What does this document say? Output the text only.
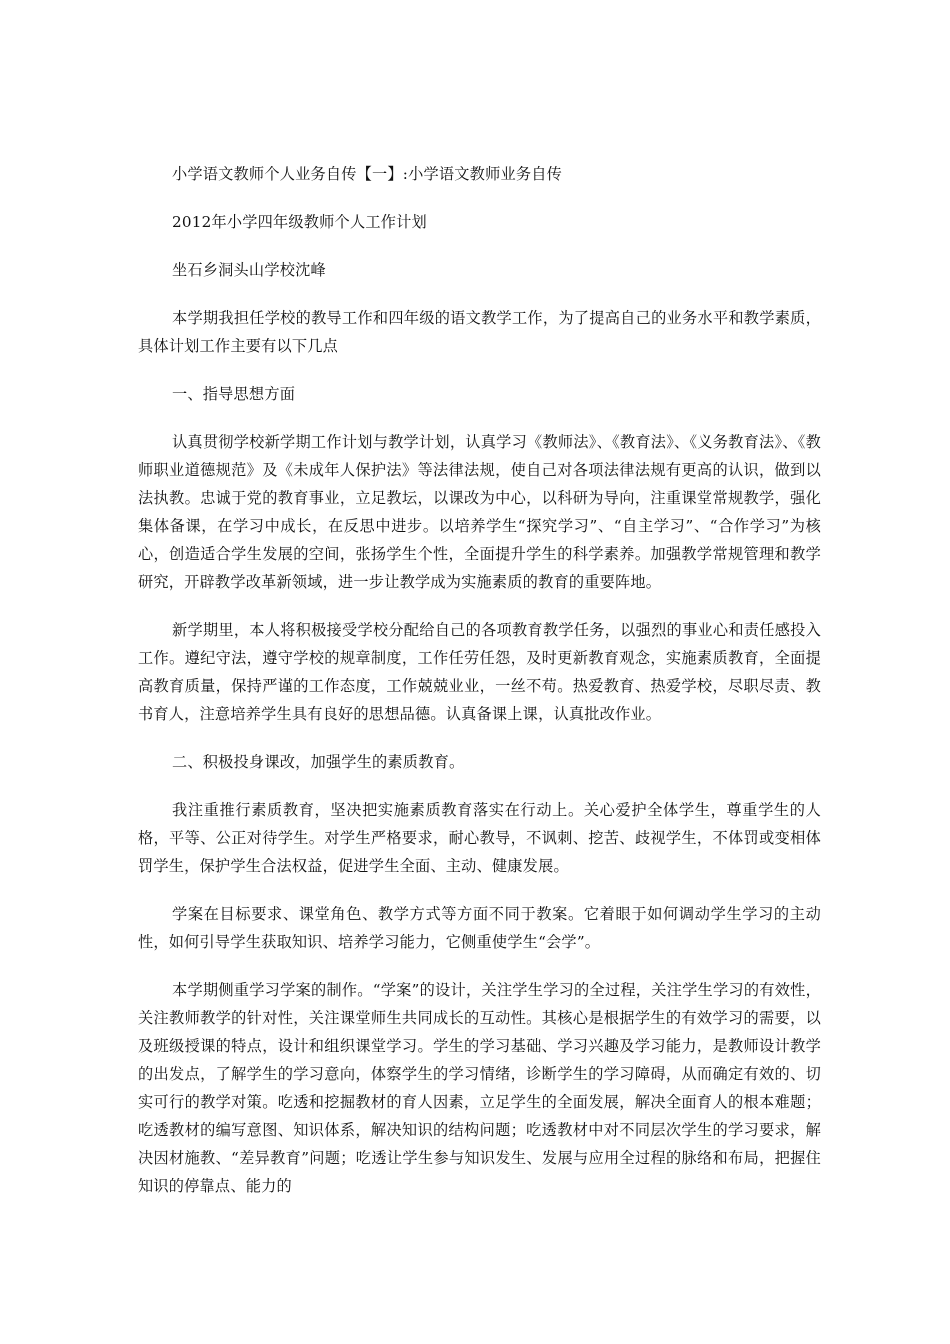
小学语文教师个人业务自传【一】:小学语文教师业务自传

2012年小学四年级教师个人工作计划

坐石乡洞头山学校沈峰

本学期我担任学校的教导工作和四年级的语文教学工作，为了提高自己的业务水平和教学素质，具体计划工作主要有以下几点

一、指导思想方面

认真贯彻学校新学期工作计划与教学计划，认真学习《教师法》、《教育法》、《义务教育法》、《教师职业道德规范》及《未成年人保护法》等法律法规，使自己对各项法律法规有更高的认识，做到以法执教。忠诚于党的教育事业，立足教坛，以课改为中心，以科研为导向，注重课堂常规教学，强化集体备课，在学习中成长，在反思中进步。以培养学生“探究学习”、“自主学习”、“合作学习”为核心，创造适合学生发展的空间，张扬学生个性，全面提升学生的科学素养。加强教学常规管理和教学研究，开辟教学改革新领域，进一步让教学成为实施素质的教育的重要阵地。

新学期里，本人将积极接受学校分配给自己的各项教育教学任务，以强烈的事业心和责任感投入工作。遵纪守法，遵守学校的规章制度，工作任劳任怨，及时更新教育观念，实施素质教育，全面提高教育质量，保持严谨的工作态度，工作兢兢业业，一丝不苟。热爱教育、热爱学校，尽职尽责、教书育人，注意培养学生具有良好的思想品德。认真备课上课，认真批改作业。

二、积极投身课改，加强学生的素质教育。

我注重推行素质教育，坚决把实施素质教育落实在行动上。关心爱护全体学生，尊重学生的人格，平等、公正对待学生。对学生严格要求，耐心教导，不讽刺、挖苦、歧视学生，不体罚或变相体罚学生，保护学生合法权益，促进学生全面、主动、健康发展。

学案在目标要求、课堂角色、教学方式等方面不同于教案。它着眼于如何调动学生学习的主动性，如何引导学生获取知识、培养学习能力，它侧重使学生“会学”。

本学期侧重学习学案的制作。“学案”的设计，关注学生学习的全过程，关注学生学习的有效性，关注教师教学的针对性，关注课堂师生共同成长的互动性。其核心是根据学生的有效学习的需要，以及班级授课的特点，设计和组织课堂学习。学生的学习基础、学习兴趣及学习能力，是教师设计教学的出发点，了解学生的学习意向，体察学生的学习情绪，诊断学生的学习障碍，从而确定有效的、切实可行的教学对策。吃透和挖掘教材的育人因素，立足学生的全面发展，解决全面育人的根本难题；吃透教材的编写意图、知识体系，解决知识的结构问题；吃透教材中对不同层次学生的学习要求，解决因材施教、“差异教育”问题；吃透让学生参与知识发生、发展与应用全过程的脉络和布局，把握住知识的停靠点、能力的
